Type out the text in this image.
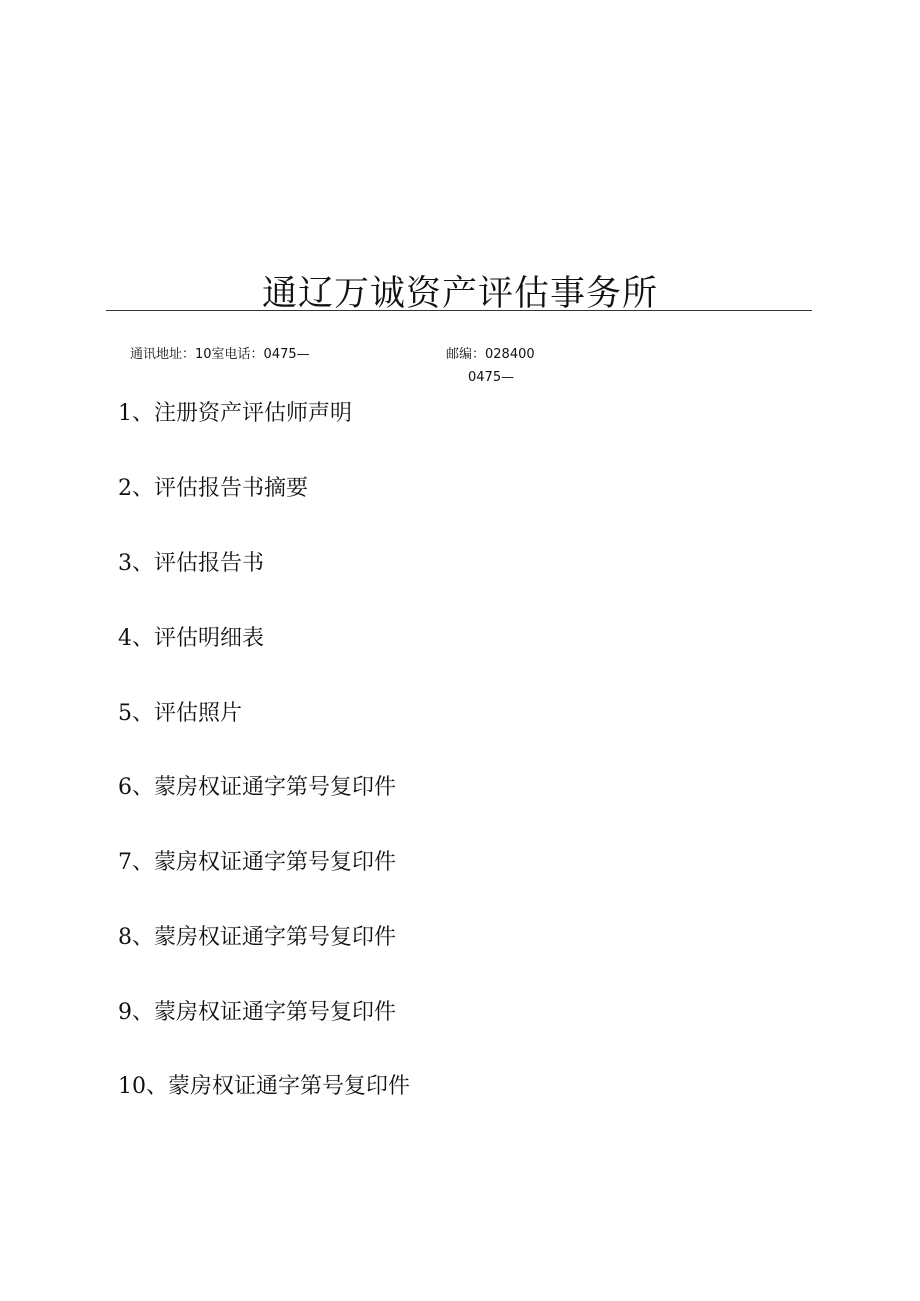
通辽万诚资产评估事务所
通讯地址：10室电话：0475—	邮编：028400
0475—
1、注册资产评估师声明
2、评估报告书摘要
3、评估报告书
4、评估明细表
5、评估照片
6、蒙房权证通字第号复印件
7、蒙房权证通字第号复印件
8、蒙房权证通字第号复印件
9、蒙房权证通字第号复印件
10、蒙房权证通字第号复印件
